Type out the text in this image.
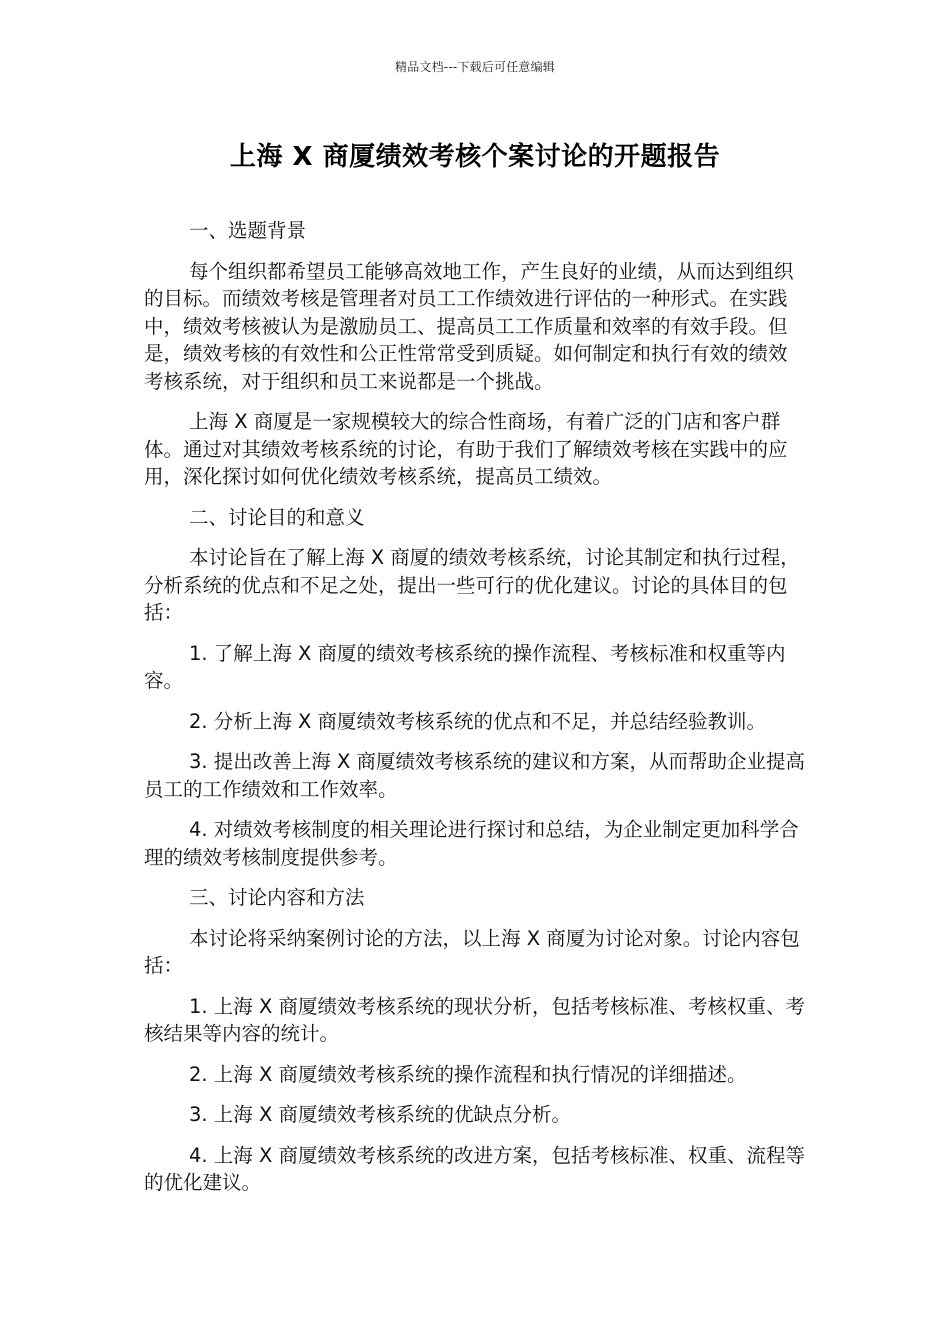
精品文档---下载后可任意编辑
上海 X 商厦绩效考核个案讨论的开题报告

一、选题背景

每个组织都希望员工能够高效地工作，产生良好的业绩，从而达到组织的目标。而绩效考核是管理者对员工工作绩效进行评估的一种形式。在实践中，绩效考核被认为是激励员工、提高员工工作质量和效率的有效手段。但是，绩效考核的有效性和公正性常常受到质疑。如何制定和执行有效的绩效考核系统，对于组织和员工来说都是一个挑战。

上海 X 商厦是一家规模较大的综合性商场，有着广泛的门店和客户群体。通过对其绩效考核系统的讨论，有助于我们了解绩效考核在实践中的应用，深化探讨如何优化绩效考核系统，提高员工绩效。

二、讨论目的和意义

本讨论旨在了解上海 X 商厦的绩效考核系统，讨论其制定和执行过程，分析系统的优点和不足之处，提出一些可行的优化建议。讨论的具体目的包括：

1. 了解上海 X 商厦的绩效考核系统的操作流程、考核标准和权重等内容。

2. 分析上海 X 商厦绩效考核系统的优点和不足，并总结经验教训。

3. 提出改善上海 X 商厦绩效考核系统的建议和方案，从而帮助企业提高员工的工作绩效和工作效率。

4. 对绩效考核制度的相关理论进行探讨和总结，为企业制定更加科学合理的绩效考核制度提供参考。

三、讨论内容和方法

本讨论将采纳案例讨论的方法，以上海 X 商厦为讨论对象。讨论内容包括：

1. 上海 X 商厦绩效考核系统的现状分析，包括考核标准、考核权重、考核结果等内容的统计。

2. 上海 X 商厦绩效考核系统的操作流程和执行情况的详细描述。

3. 上海 X 商厦绩效考核系统的优缺点分析。

4. 上海 X 商厦绩效考核系统的改进方案，包括考核标准、权重、流程等的优化建议。
